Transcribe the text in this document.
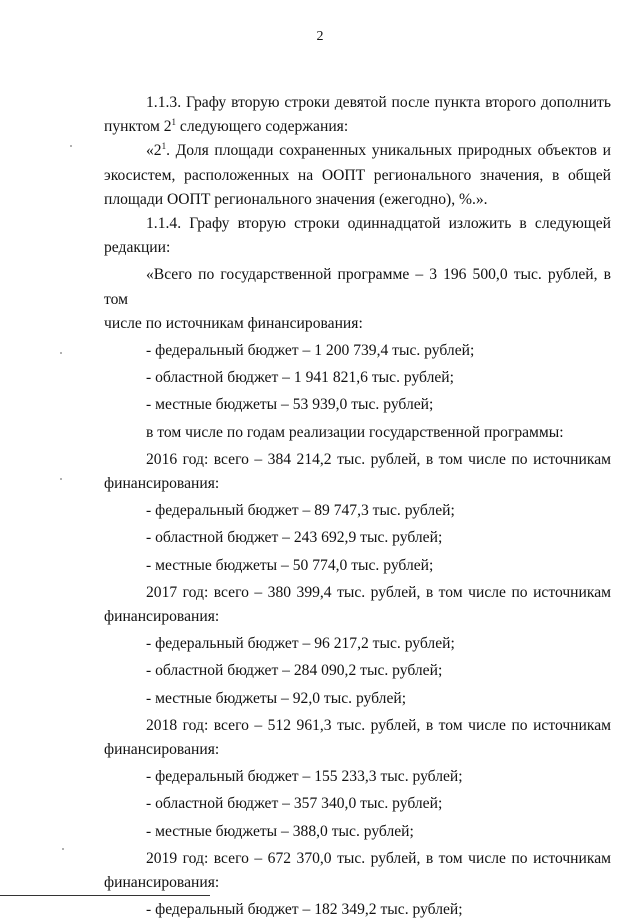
2

1.1.3. Графу вторую строки девятой после пункта второго дополнить

пунктом $2^1$ следующего содержания:

«$2^1$. Доля площади сохраненных уникальных природных объектов и

экосистем, расположенных на ООПТ регионального значения, в общей

площади ООПТ регионального значения (ежегодно), %.».

1.1.4. Графу вторую строки одиннадцатой изложить в следующей

редакции:

«Всего по государственной программе – 3 196 500,0 тыс. рублей, в том

числе по источникам финансирования:

- федеральный бюджет – 1 200 739,4 тыс. рублей;

- областной бюджет – 1 941 821,6 тыс. рублей;

- местные бюджеты – 53 939,0 тыс. рублей;

в том числе по годам реализации государственной программы:

2016 год: всего – 384 214,2 тыс. рублей, в том числе по источникам

финансирования:

- федеральный бюджет – 89 747,3 тыс. рублей;

- областной бюджет – 243 692,9 тыс. рублей;

- местные бюджеты – 50 774,0 тыс. рублей;

2017 год: всего – 380 399,4 тыс. рублей, в том числе по источникам

финансирования:

- федеральный бюджет – 96 217,2 тыс. рублей;

- областной бюджет – 284 090,2 тыс. рублей;

- местные бюджеты – 92,0 тыс. рублей;

2018 год: всего – 512 961,3 тыс. рублей, в том числе по источникам

финансирования:

- федеральный бюджет – 155 233,3 тыс. рублей;

- областной бюджет – 357 340,0 тыс. рублей;

- местные бюджеты – 388,0 тыс. рублей;

2019 год: всего – 672 370,0 тыс. рублей, в том числе по источникам

финансирования:

- федеральный бюджет – 182 349,2 тыс. рублей;
